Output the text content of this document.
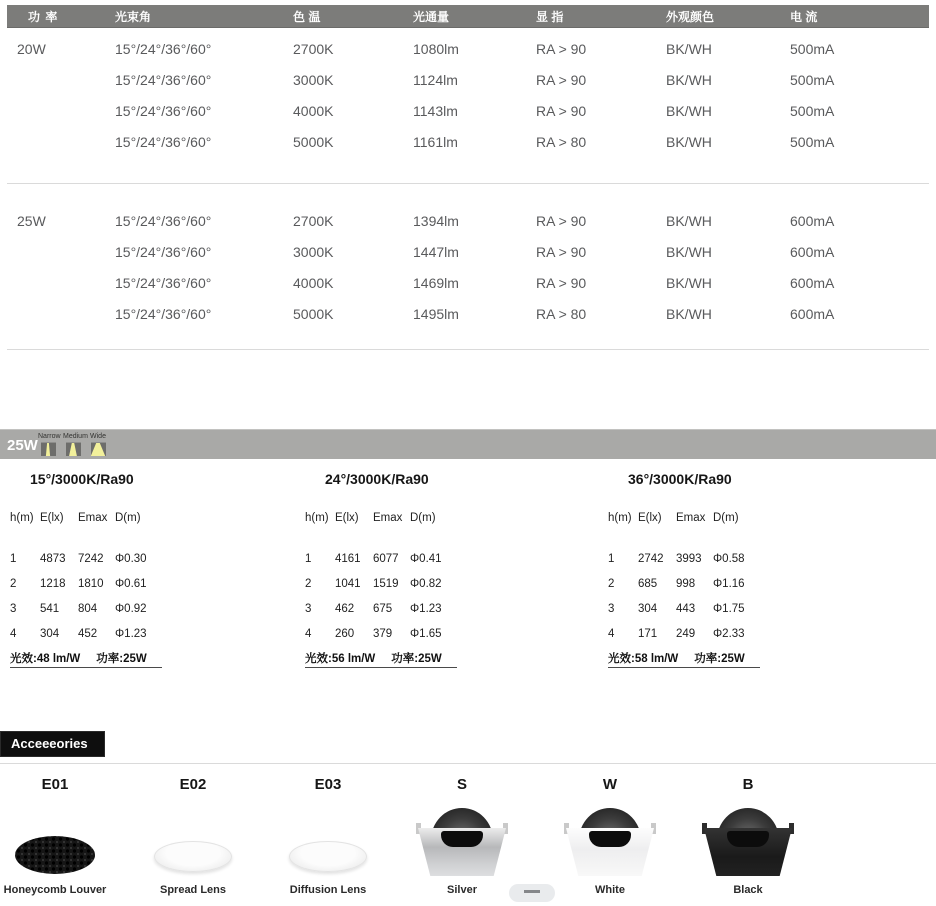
功 率	光束角	色 温	光通量	显 指	外观颜色	电 流
20W	15°/24°/36°/60°	2700K	1080lm	RA > 90	BK/WH	500mA
15°/24°/36°/60°	3000K	1124lm	RA > 90	BK/WH	500mA
15°/24°/36°/60°	4000K	1143lm	RA > 90	BK/WH	500mA
15°/24°/36°/60°	5000K	1161lm	RA > 80	BK/WH	500mA
25W	15°/24°/36°/60°	2700K	1394lm	RA > 90	BK/WH	600mA
15°/24°/36°/60°	3000K	1447lm	RA > 90	BK/WH	600mA
15°/24°/36°/60°	4000K	1469lm	RA > 90	BK/WH	600mA
15°/24°/36°/60°	5000K	1495lm	RA > 80	BK/WH	600mA
25W
Narrow Medium Wide
15°/3000K/Ra90
h(m) E(lx)	Emax D(m)
1	4873	7242 Φ0.30
2	1218	1810 Φ0.61
3	541	804	Φ0.92
4	304	452	Φ1.23
光效:48 lm/W 功率:25W
24°/3000K/Ra90
h(m) E(lx)	Emax D(m)
1	4161	6077 Φ0.41
2	1041	1519 Φ0.82
3	462	675	Φ1.23
4	260	379	Φ1.65
光效:56 lm/W 功率:25W
36°/3000K/Ra90
h(m) E(lx)	Emax D(m)
1	2742	3993 Φ0.58
2	685	998	Φ1.16
3	304	443	Φ1.75
4	171	249	Φ2.33
光效:58 lm/W 功率:25W
Acceeeories
E01
Honeycomb Louver
E02
Spread Lens
E03
Diffusion Lens
S
Silver
W
White
B
Black
